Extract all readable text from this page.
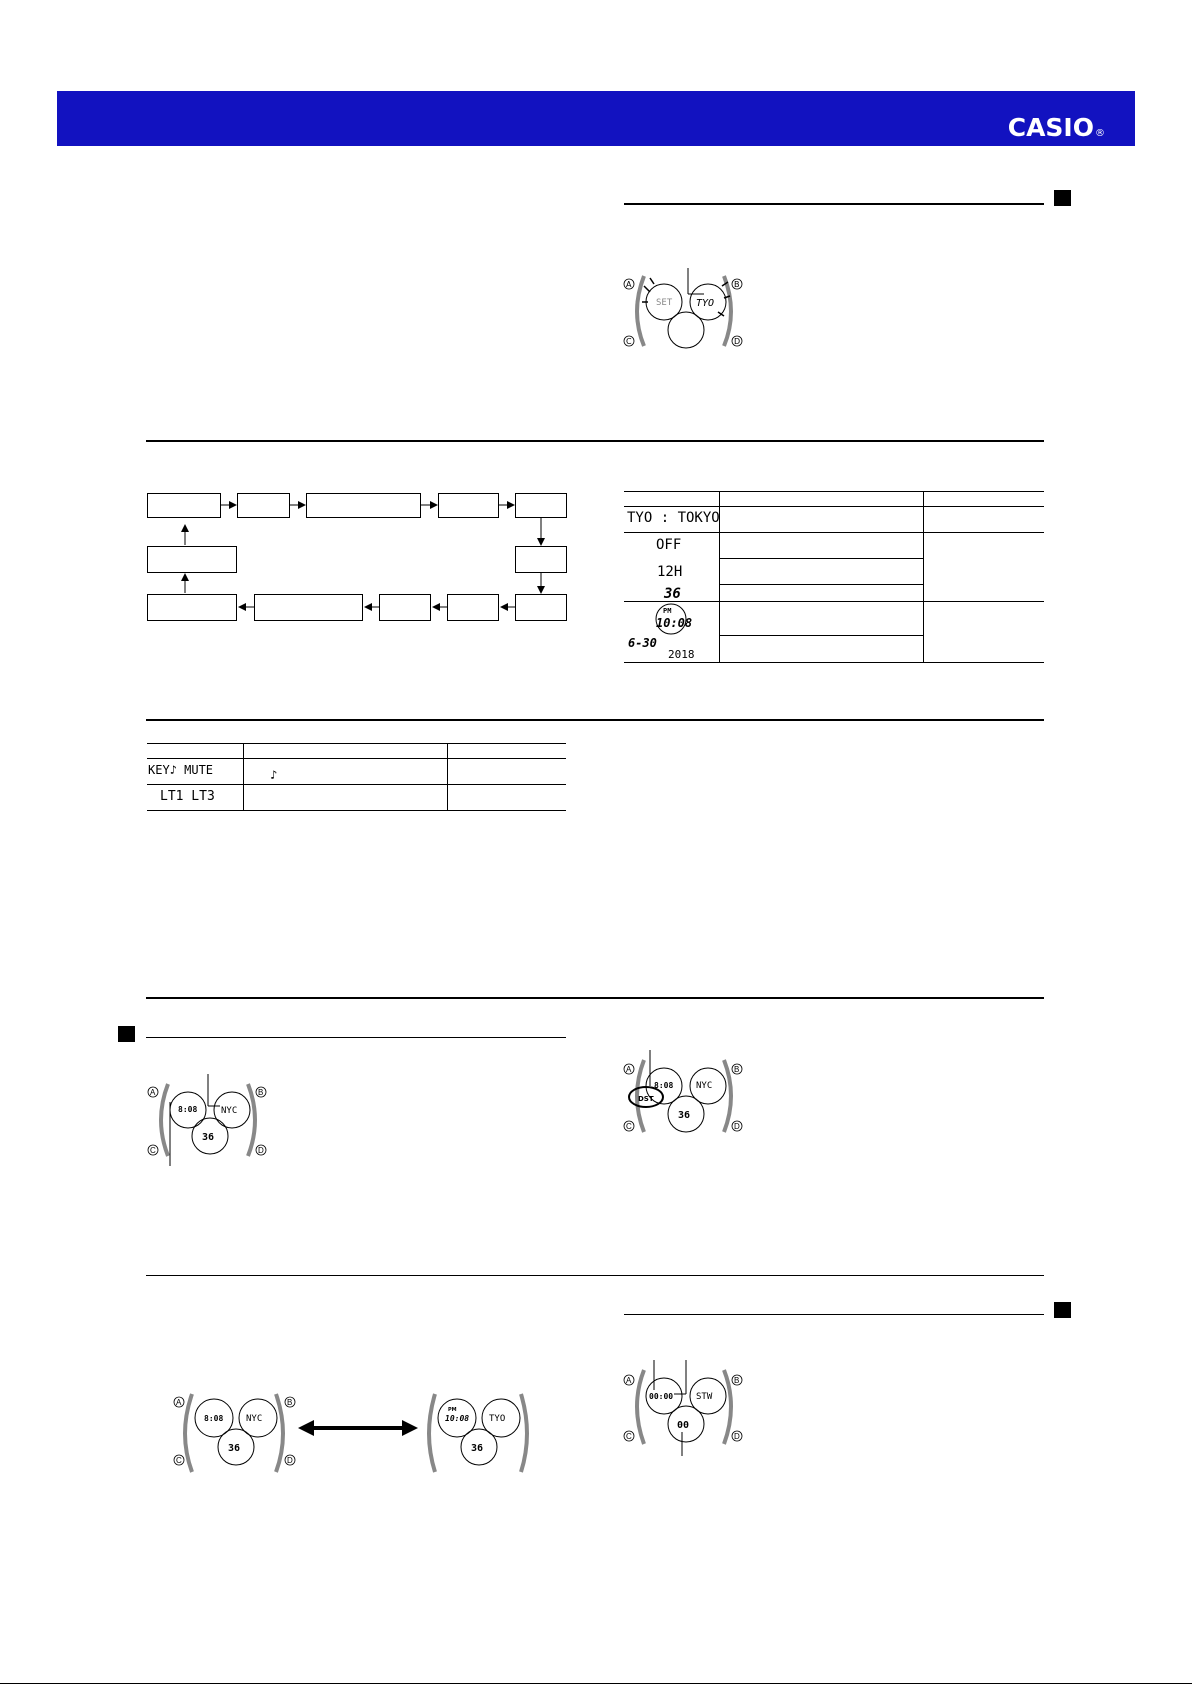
CASIO®
A	B
C	D
SET TYO
TYO : TOKYO
OFF
12H
36
PM
10:08
6-30
2018
KEY♪ MUTE	♪
LT1 LT3
A	B
C	D
8:08	NYC
36
A	B
C	D
8:08
DST
NYC
36
A	B
C	D
8:08	NYC
36
PM
10:08 TYO
36
A	B
C	D
00:00	STW
00
